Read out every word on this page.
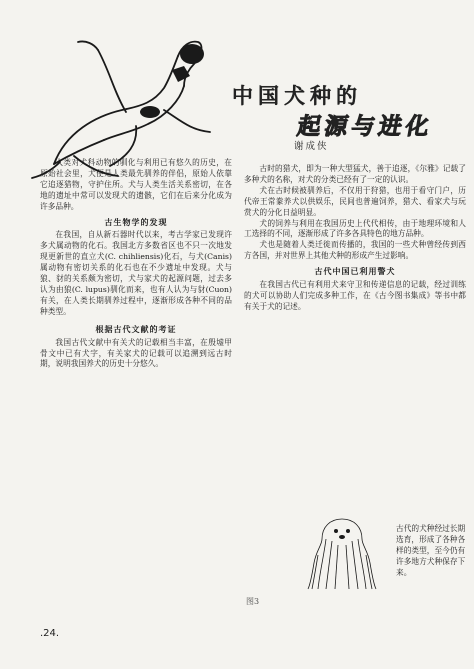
中国犬种的
起源与进化
谢成侠

人类对犬科动物的驯化与利用已有悠久的历史，在原始社会里，犬便是人类最先驯养的伴侣，原始人依靠它追逐猎物，守护住所。犬与人类生活关系密切，在各地的遗址中常可以发现犬的遗骸，它们在后来分化成为许多品种。

古生物学的发现

在我国，自从新石器时代以来，考古学家已发现许多犬属动物的化石。我国北方多数省区也不只一次地发现更新世的直立犬(C. chihliensis)化石，与犬(Canis)属动物有密切关系的化石也在不少遗址中发现。犬与狼、豺的关系颇为密切，犬与家犬的起源问题，过去多认为由狼(C. lupus)驯化而来，也有人认为与豺(Cuon)有关，在人类长期驯养过程中，逐渐形成各种不同的品种类型。

根据古代文献的考证

我国古代文献中有关犬的记载相当丰富，在殷墟甲骨文中已有犬字，有关家犬的记载可以追溯到远古时期，说明我国养犬的历史十分悠久。

古时的猎犬，即为一种大型猛犬，善于追逐，《尔雅》记载了多种犬的名称，对犬的分类已经有了一定的认识。

犬在古时候被驯养后，不仅用于狩猎，也用于看守门户，历代帝王常豢养犬以供娱乐，民间也普遍饲养，猎犬、看家犬与玩赏犬的分化日益明显。

犬的饲养与利用在我国历史上代代相传，由于地理环境和人工选择的不同，逐渐形成了许多各具特色的地方品种。

犬也是随着人类迁徙而传播的，我国的一些犬种曾经传到西方各国，并对世界上其他犬种的形成产生过影响。

古代中国已利用警犬

在我国古代已有利用犬来守卫和传递信息的记载，经过训练的犬可以协助人们完成多种工作，在《古今图书集成》等书中都有关于犬的记述。

古代的犬种经过长期选育，形成了各种各样的类型，至今仍有许多地方犬种保存下来。
图3
.24.
